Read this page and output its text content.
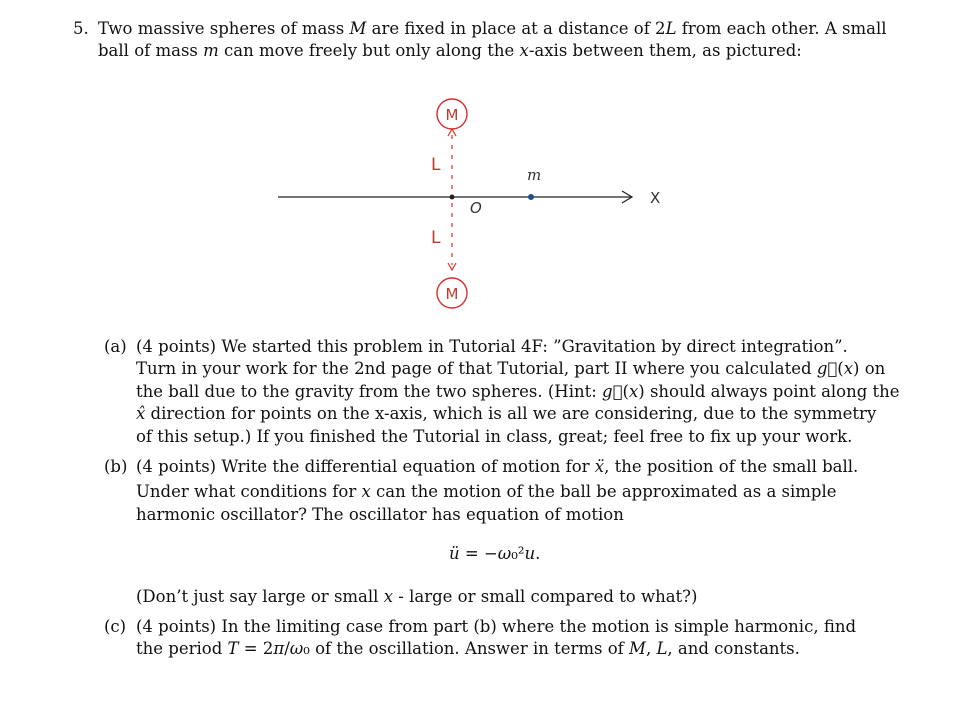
5. Two massive spheres of mass M are fixed in place at a distance of 2L from each other. A small
ball of mass m can move freely but only along the x-axis between them, as pictured:
X
M
M
L
L
O
m
(a) (4 points) We started this problem in Tutorial 4F: ”Gravitation by direct integration”.
Turn in your work for the 2nd page of that Tutorial, part II where you calculated g⃗(x) on
the ball due to the gravity from the two spheres. (Hint: g⃗(x) should always point along the
x̂ direction for points on the x-axis, which is all we are considering, due to the symmetry
of this setup.) If you finished the Tutorial in class, great; feel free to fix up your work.
(b) (4 points) Write the differential equation of motion for ẍ, the position of the small ball.
Under what conditions for x can the motion of the ball be approximated as a simple
harmonic oscillator? The oscillator has equation of motion
ü = −ω₀²u.
(Don’t just say large or small x - large or small compared to what?)
(c) (4 points) In the limiting case from part (b) where the motion is simple harmonic, find
the period T = 2π/ω₀ of the oscillation. Answer in terms of M, L, and constants.
